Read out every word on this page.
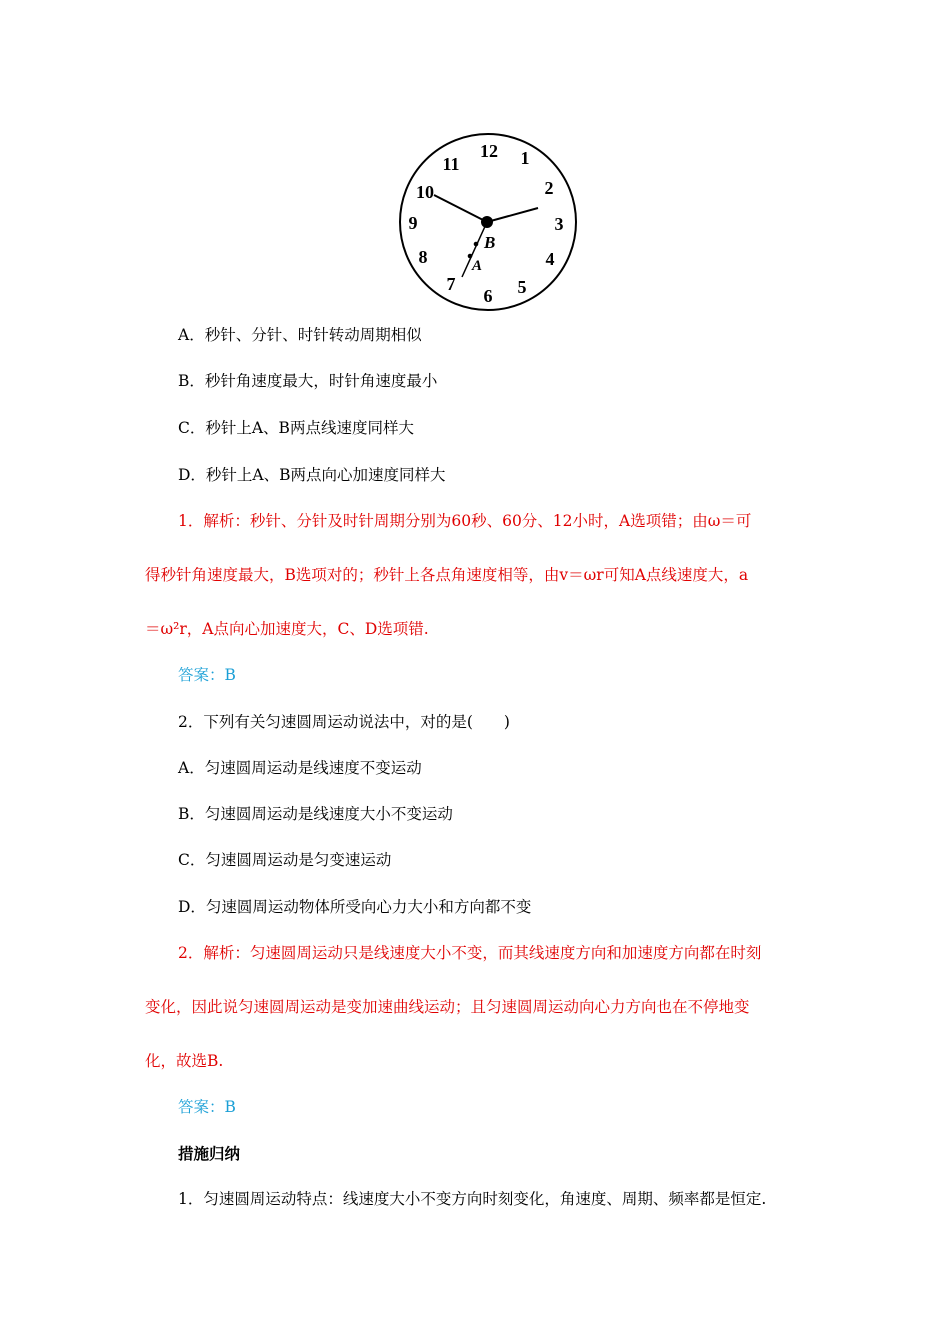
12 1
2
3
4
5
6
7
8
9
10
11
B
A
A．秒针、分针、时针转动周期相似
B．秒针角速度最大，时针角速度最小
C．秒针上A、B两点线速度同样大
D．秒针上A、B两点向心加速度同样大
1．解析：秒针、分针及时针周期分别为60秒、60分、12小时，A选项错；由ω＝可
得秒针角速度最大，B选项对的；秒针上各点角速度相等，由v＝ωr可知A点线速度大，a
＝ω²r，A点向心加速度大，C、D选项错.
答案：B
2．下列有关匀速圆周运动说法中，对的是(　　)
A．匀速圆周运动是线速度不变运动
B．匀速圆周运动是线速度大小不变运动
C．匀速圆周运动是匀变速运动
D．匀速圆周运动物体所受向心力大小和方向都不变
2．解析：匀速圆周运动只是线速度大小不变，而其线速度方向和加速度方向都在时刻
变化，因此说匀速圆周运动是变加速曲线运动；且匀速圆周运动向心力方向也在不停地变
化，故选B.
答案：B
措施归纳
1．匀速圆周运动特点：线速度大小不变方向时刻变化，角速度、周期、频率都是恒定.
